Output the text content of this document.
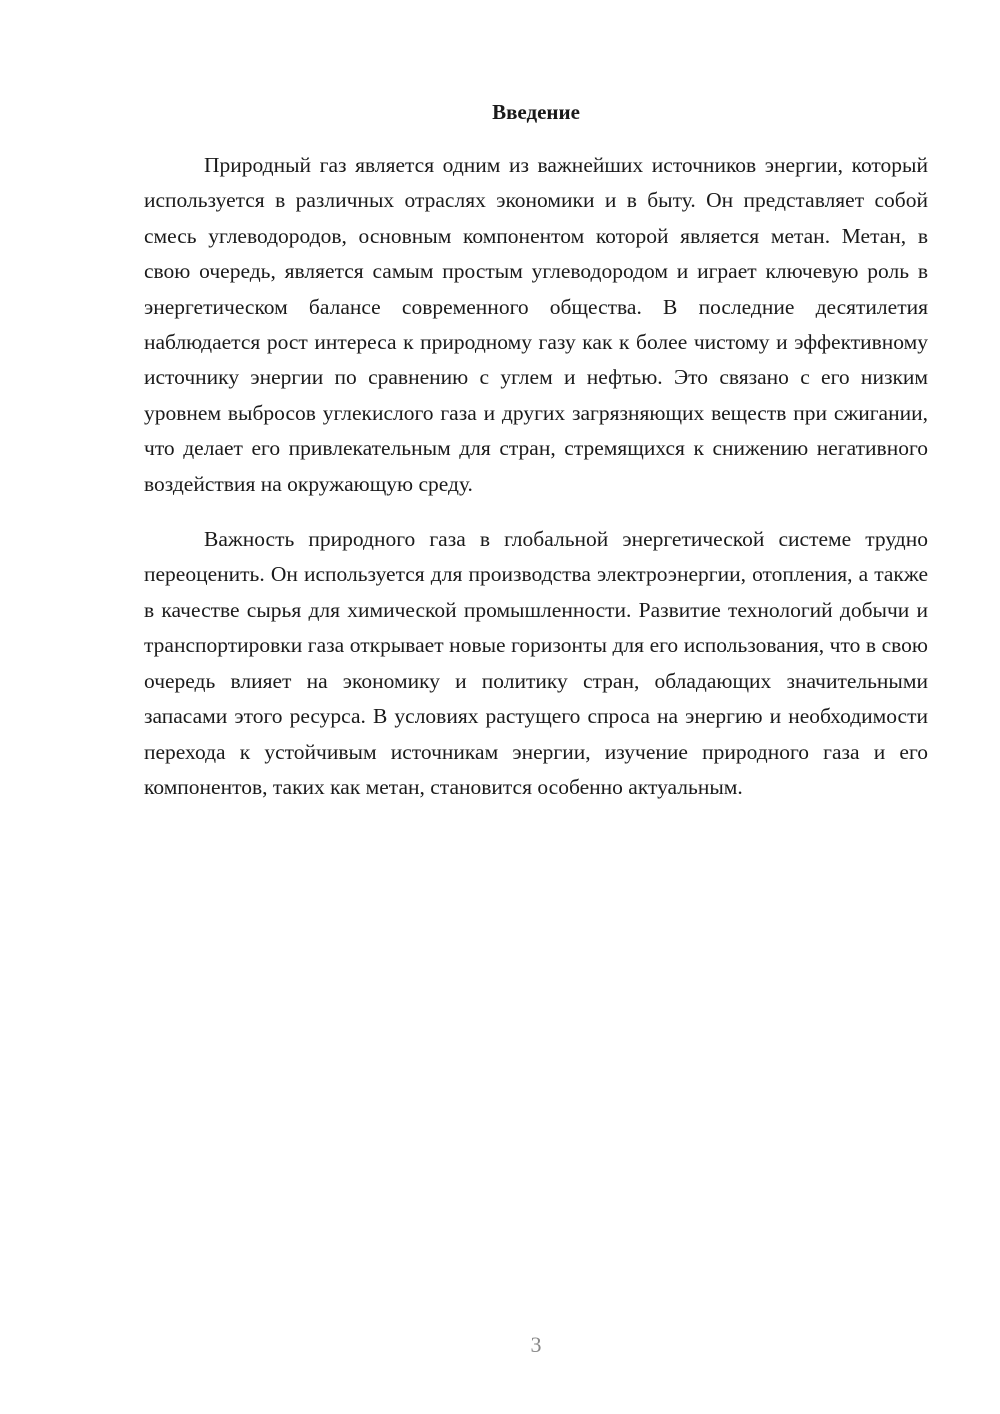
Введение

Природный газ является одним из важнейших источников энергии, который используется в различных отраслях экономики и в быту. Он представляет собой смесь углеводородов, основным компонентом которой является метан. Метан, в свою очередь, является самым простым углеводородом и играет ключевую роль в энергетическом балансе современного общества. В последние десятилетия наблюдается рост интереса к природному газу как к более чистому и эффективному источнику энергии по сравнению с углем и нефтью. Это связано с его низким уровнем выбросов углекислого газа и других загрязняющих веществ при сжигании, что делает его привлекательным для стран, стремящихся к снижению негативного воздействия на окружающую среду.

Важность природного газа в глобальной энергетической системе трудно переоценить. Он используется для производства электроэнергии, отопления, а также в качестве сырья для химической промышленности. Развитие технологий добычи и транспортировки газа открывает новые горизонты для его использования, что в свою очередь влияет на экономику и политику стран, обладающих значительными запасами этого ресурса. В условиях растущего спроса на энергию и необходимости перехода к устойчивым источникам энергии, изучение природного газа и его компонентов, таких как метан, становится особенно актуальным.

3
